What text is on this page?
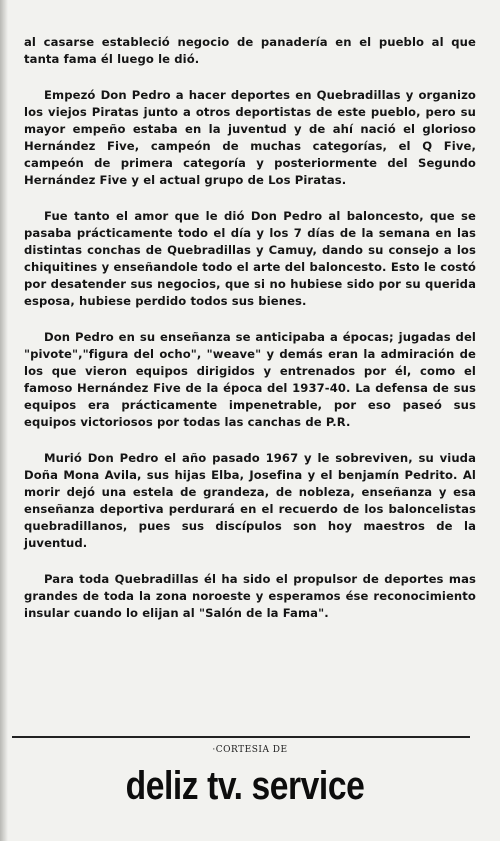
al casarse estableció negocio de panadería en el pueblo al que tanta fama él luego le dió.

Empezó Don Pedro a hacer deportes en Quebradillas y organizo los viejos Piratas junto a otros deportistas de este pueblo, pero su mayor empeño estaba en la juventud y de ahí nació el glorioso Hernández Five, campeón de muchas categorías, el Q Five, campeón de primera categoría y posteriormente del Segundo Hernández Five y el actual grupo de Los Piratas.

Fue tanto el amor que le dió Don Pedro al baloncesto, que se pasaba prácticamente todo el día y los 7 días de la semana en las distintas conchas de Quebradillas y Camuy, dando su consejo a los chiquitines y enseñandole todo el arte del baloncesto. Esto le costó por desatender sus negocios, que si no hubiese sido por su querida esposa, hubiese perdido todos sus bienes.

Don Pedro en su enseñanza se anticipaba a épocas; jugadas del "pivote","figura del ocho", "weave" y demás eran la admiración de los que vieron equipos dirigidos y entrenados por él, como el famoso Hernández Five de la época del 1937-40. La defensa de sus equipos era prácticamente impenetrable, por eso paseó sus equipos victoriosos por todas las canchas de P.R.

Murió Don Pedro el año pasado 1967 y le sobreviven, su viuda Doña Mona Avila, sus hijas Elba, Josefina y el benjamín Pedrito. Al morir dejó una estela de grandeza, de nobleza, enseñanza y esa enseñanza deportiva perdurará en el recuerdo de los baloncelistas quebradillanos, pues sus discípulos son hoy maestros de la juventud.

Para toda Quebradillas él ha sido el propulsor de deportes mas grandes de toda la zona noroeste y esperamos ése reconocimiento insular cuando lo elijan al "Salón de la Fama".

·CORTESIA DE
deliz tv. service
